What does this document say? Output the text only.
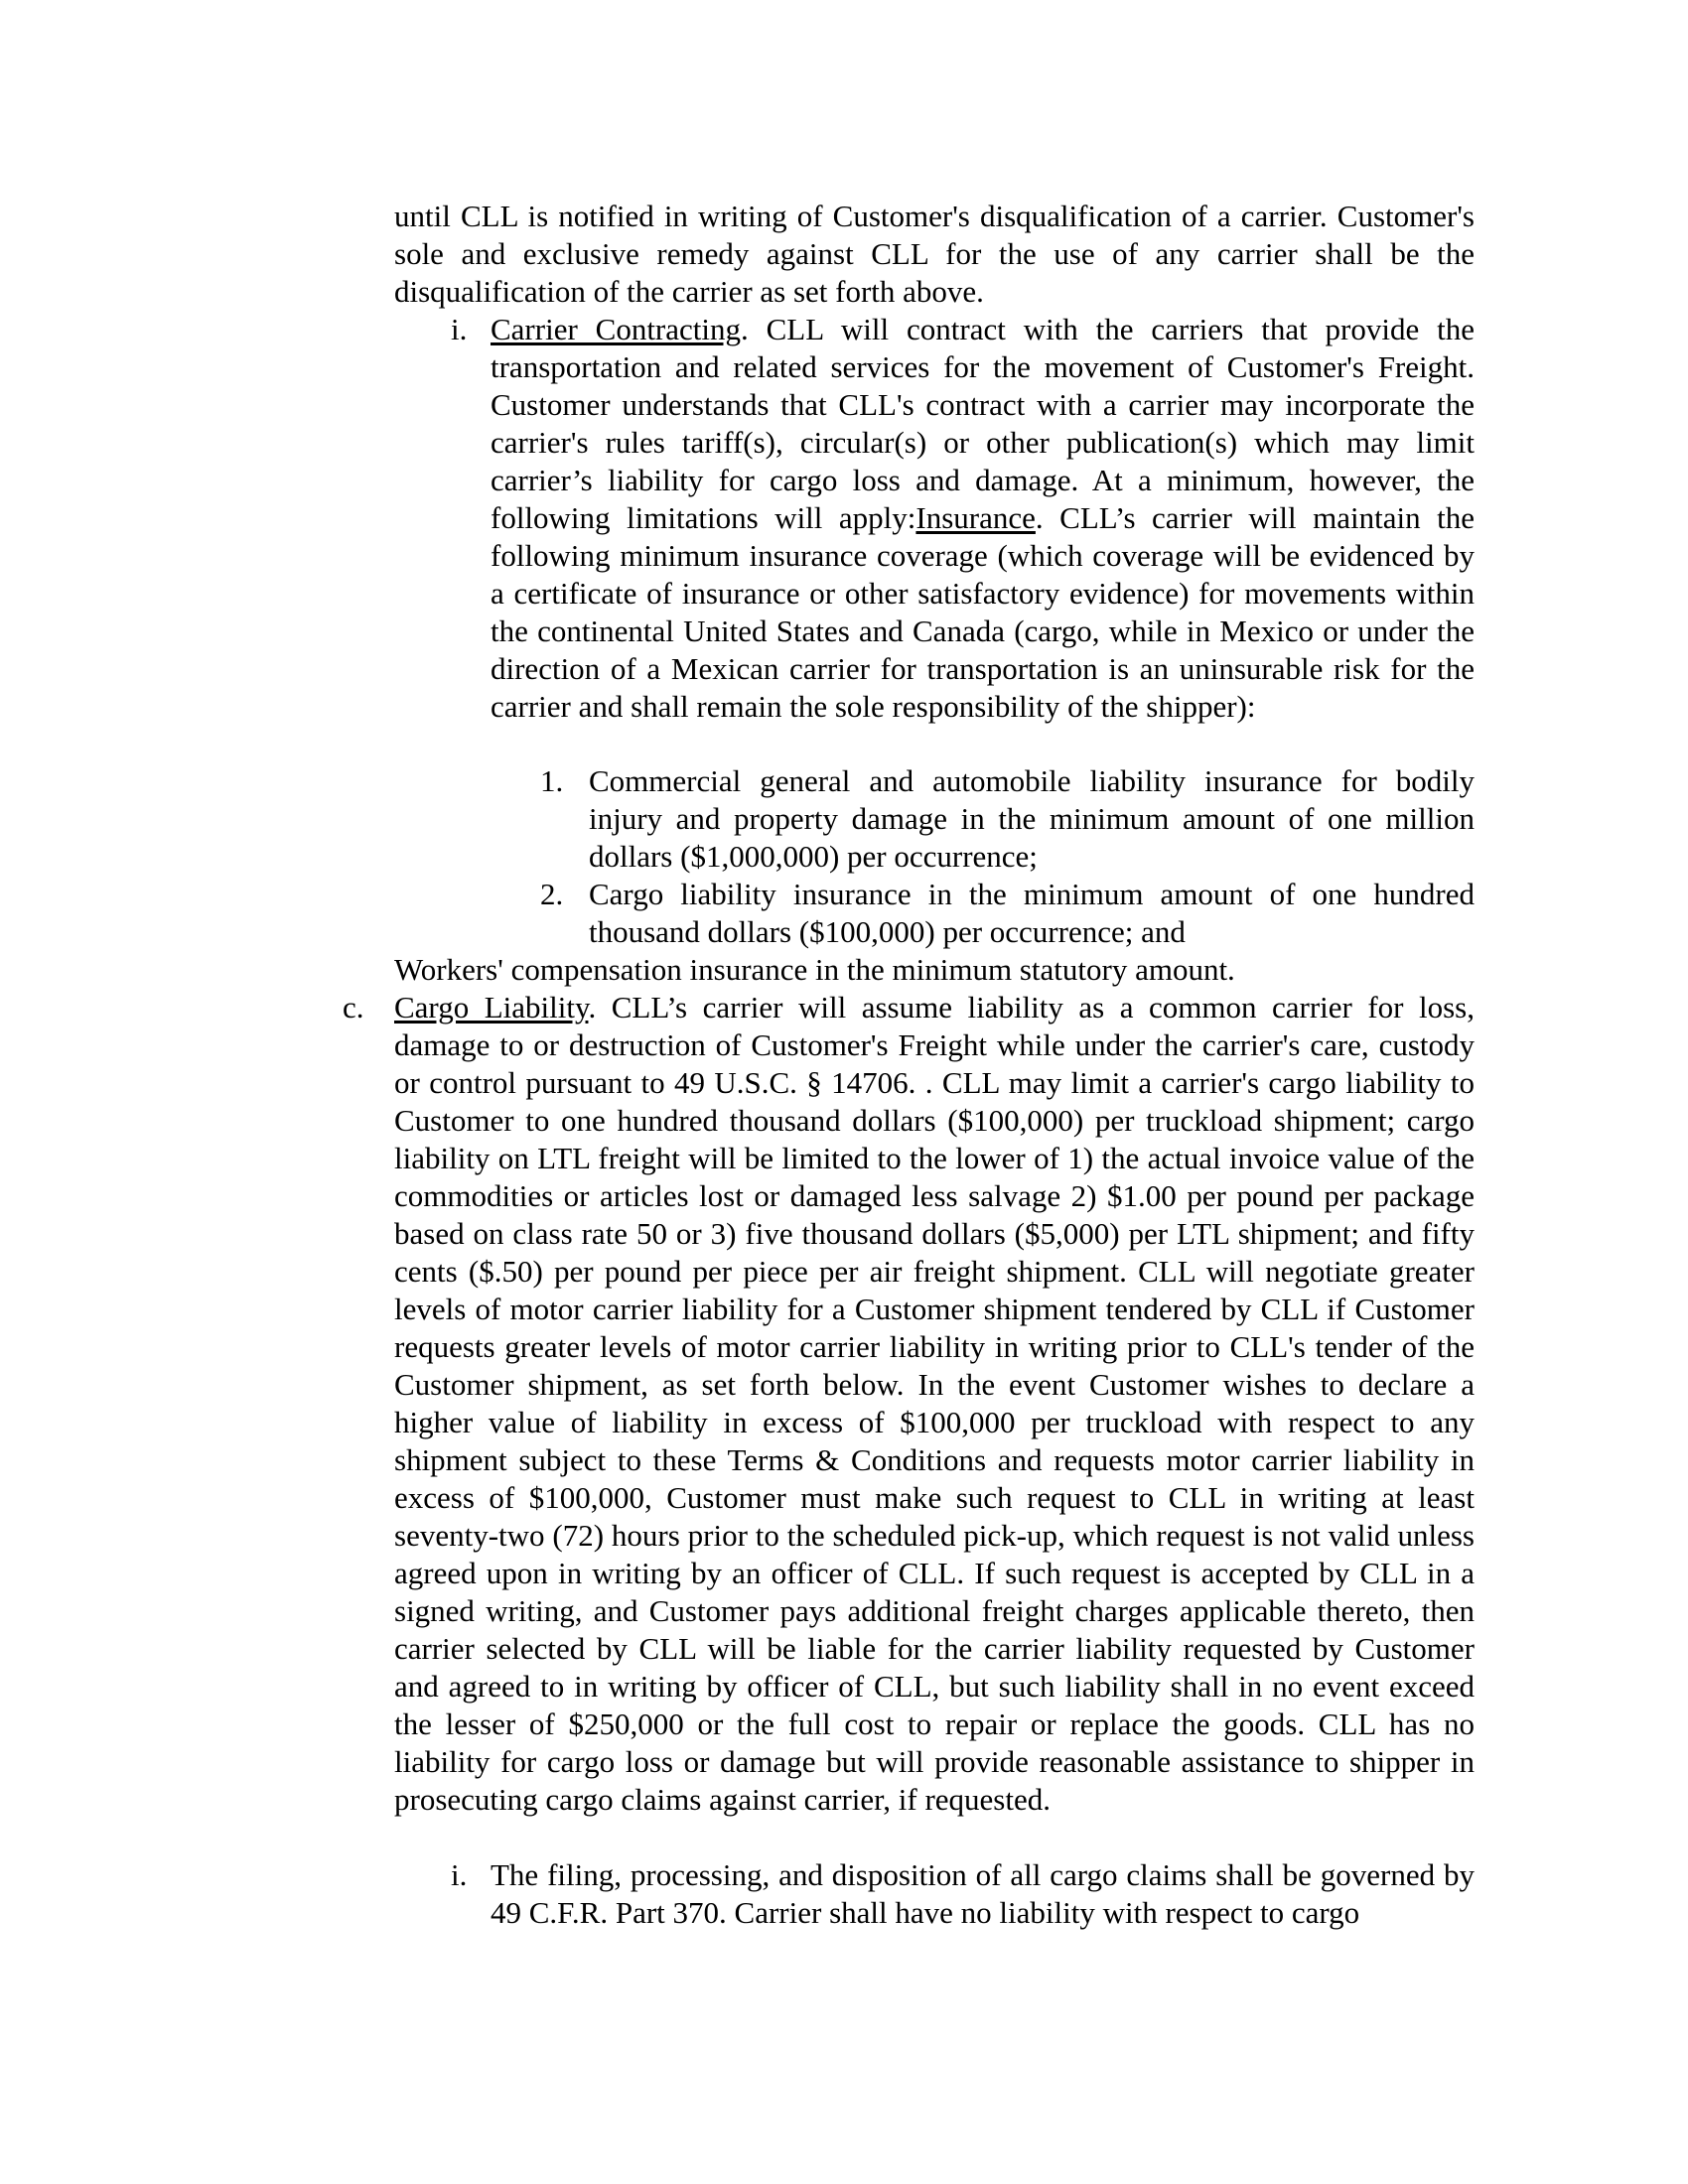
until CLL is notified in writing of Customer's disqualification of a carrier. Customer's sole and exclusive remedy against CLL for the use of any carrier shall be the disqualification of the carrier as set forth above.

i. Carrier Contracting. CLL will contract with the carriers that provide the transportation and related services for the movement of Customer's Freight. Customer understands that CLL's contract with a carrier may incorporate the carrier's rules tariff(s), circular(s) or other publication(s) which may limit carrier’s liability for cargo loss and damage. At a minimum, however, the following limitations will apply:Insurance. CLL’s carrier will maintain the following minimum insurance coverage (which coverage will be evidenced by a certificate of insurance or other satisfactory evidence) for movements within the continental United States and Canada (cargo, while in Mexico or under the direction of a Mexican carrier for transportation is an uninsurable risk for the carrier and shall remain the sole responsibility of the shipper):
1. Commercial general and automobile liability insurance for bodily injury and property damage in the minimum amount of one million dollars ($1,000,000) per occurrence;
2. Cargo liability insurance in the minimum amount of one hundred thousand dollars ($100,000) per occurrence; and

Workers' compensation insurance in the minimum statutory amount.

c. Cargo Liability. CLL’s carrier will assume liability as a common carrier for loss, damage to or destruction of Customer's Freight while under the carrier's care, custody or control pursuant to 49 U.S.C. § 14706. . CLL may limit a carrier's cargo liability to Customer to one hundred thousand dollars ($100,000) per truckload shipment; cargo liability on LTL freight will be limited to the lower of 1) the actual invoice value of the commodities or articles lost or damaged less salvage 2) $1.00 per pound per package based on class rate 50 or 3) five thousand dollars ($5,000) per LTL shipment; and fifty cents ($.50) per pound per piece per air freight shipment. CLL will negotiate greater levels of motor carrier liability for a Customer shipment tendered by CLL if Customer requests greater levels of motor carrier liability in writing prior to CLL's tender of the Customer shipment, as set forth below. In the event Customer wishes to declare a higher value of liability in excess of $100,000 per truckload with respect to any shipment subject to these Terms & Conditions and requests motor carrier liability in excess of $100,000, Customer must make such request to CLL in writing at least seventy-two (72) hours prior to the scheduled pick-up, which request is not valid unless agreed upon in writing by an officer of CLL. If such request is accepted by CLL in a signed writing, and Customer pays additional freight charges applicable thereto, then carrier selected by CLL will be liable for the carrier liability requested by Customer and agreed to in writing by officer of CLL, but such liability shall in no event exceed the lesser of $250,000 or the full cost to repair or replace the goods. CLL has no liability for cargo loss or damage but will provide reasonable assistance to shipper in prosecuting cargo claims against carrier, if requested.
i. The filing, processing, and disposition of all cargo claims shall be governed by 49 C.F.R. Part 370. Carrier shall have no liability with respect to cargo
